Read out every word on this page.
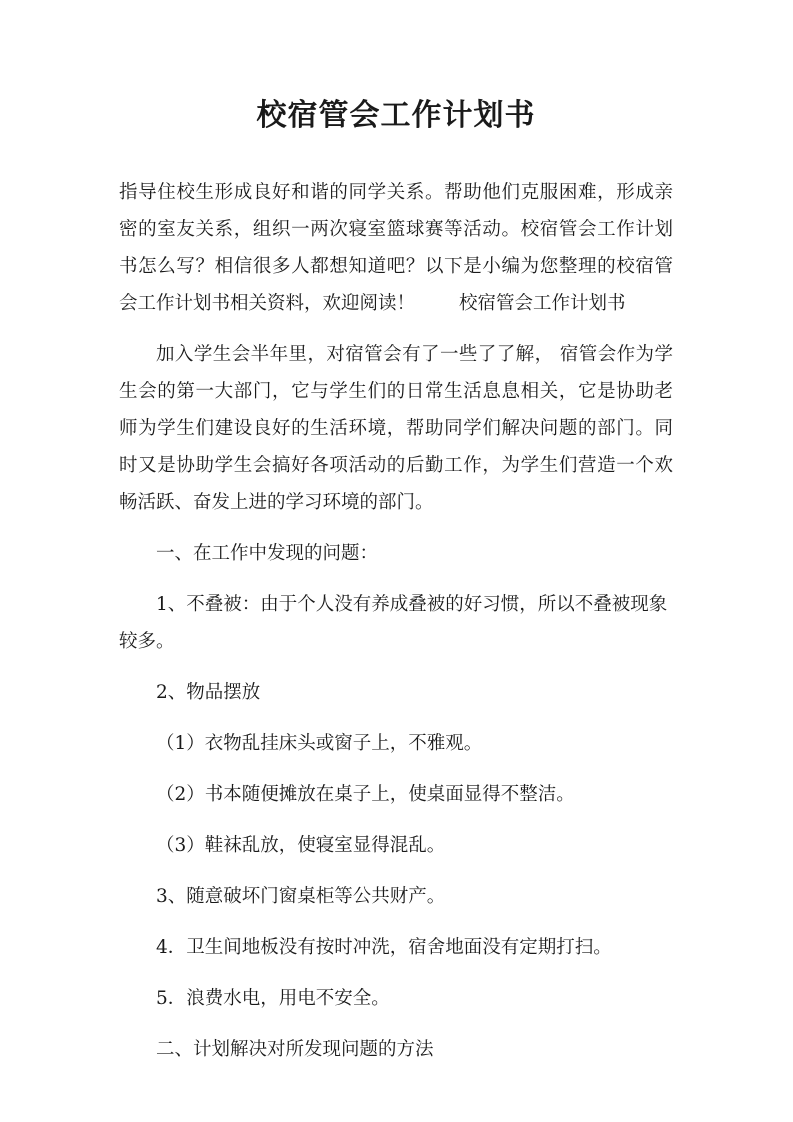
校宿管会工作计划书

指导住校生形成良好和谐的同学关系。帮助他们克服困难，形成亲密的室友关系，组织一两次寝室篮球赛等活动。校宿管会工作计划书怎么写？相信很多人都想知道吧？以下是小编为您整理的校宿管会工作计划书相关资料，欢迎阅读！ 校宿管会工作计划书

加入学生会半年里，对宿管会有了一些了了解， 宿管会作为学生会的第一大部门，它与学生们的日常生活息息相关，它是协助老师为学生们建设良好的生活环境，帮助同学们解决问题的部门。同时又是协助学生会搞好各项活动的后勤工作，为学生们营造一个欢畅活跃、奋发上进的学习环境的部门。

一、在工作中发现的问题：

1、不叠被：由于个人没有养成叠被的好习惯，所以不叠被现象较多。

2、物品摆放

（1）衣物乱挂床头或窗子上，不雅观。

（2）书本随便摊放在桌子上，使桌面显得不整洁。

（3）鞋袜乱放，使寝室显得混乱。

3、随意破坏门窗桌柜等公共财产。

4．卫生间地板没有按时冲洗，宿舍地面没有定期打扫。

5．浪费水电，用电不安全。

二、计划解决对所发现问题的方法
